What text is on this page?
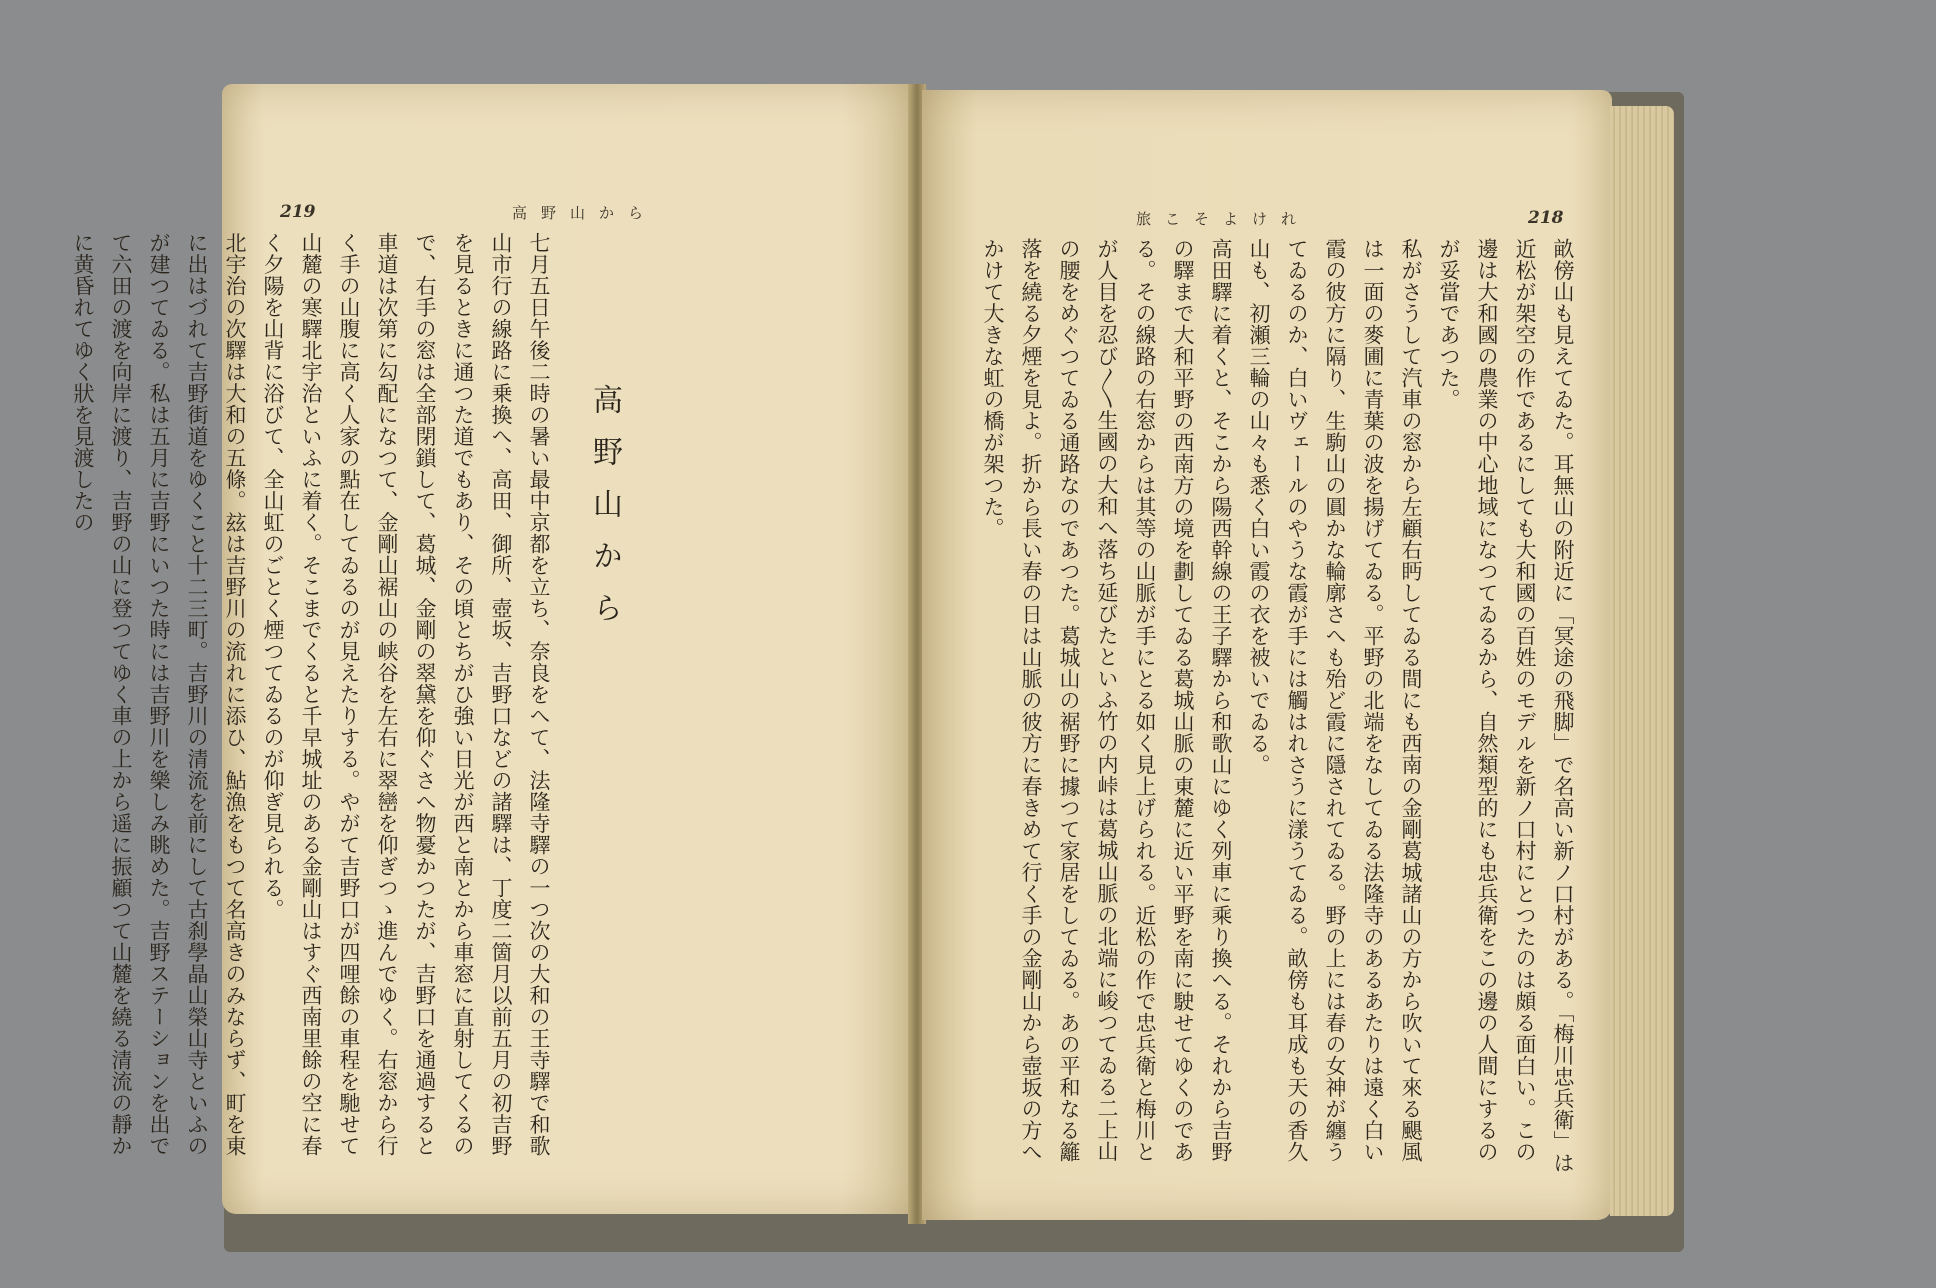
219	高野山から
高野山から

七月五日午後二時の暑い最中京都を立ち、奈良をへて、法隆寺驛の一つ次の大和の王寺驛で和歌山市行の線路に乗換へ、高田、御所、壺坂、吉野口などの諸驛は、丁度二箇月以前五月の初吉野を見るときに通つた道でもあり、その頃とちがひ強い日光が西と南とから車窓に直射してくるので、右手の窓は全部閉鎖して、葛城、金剛の翠黛を仰ぐさへ物憂かつたが、吉野口を通過すると車道は次第に勾配になつて、金剛山裾山の峡谷を左右に翠巒を仰ぎつゝ進んでゆく。右窓から行く手の山腹に高く人家の點在してゐるのが見えたりする。やがて吉野口が四哩餘の車程を馳せて山麓の寒驛北宇治といふに着く。そこまでくると千早城址のある金剛山はすぐ西南里餘の空に春く夕陽を山背に浴びて、全山虹のごとく煙つてゐるのが仰ぎ見られる。

北宇治の次驛は大和の五條。玆は吉野川の流れに添ひ、鮎漁をもつて名高きのみならず、町を東に出はづれて吉野街道をゆくこと十二三町。吉野川の清流を前にして古刹學晶山榮山寺といふのが建つてゐる。私は五月に吉野にいつた時には吉野川を樂しみ眺めた。吉野ステーションを出でて六田の渡を向岸に渡り、吉野の山に登つてゆく車の上から遥に振顧つて山麓を繞る清流の靜かに黄昏れてゆく狀を見渡したの

旅こそよけれ	218

畝傍山も見えてゐた。耳無山の附近に「冥途の飛脚」で名高い新ノ口村がある。「梅川忠兵衛」は近松が架空の作であるにしても大和國の百姓のモデルを新ノ口村にとつたのは頗る面白い。この邊は大和國の農業の中心地域になつてゐるから、自然類型的にも忠兵衛をこの邊の人間にするのが妥當であつた。

私がさうして汽車の窓から左顧右眄してゐる間にも西南の金剛葛城諸山の方から吹いて來る颶風は一面の麥圃に青葉の波を揚げてゐる。平野の北端をなしてゐる法隆寺のあるあたりは遠く白い霞の彼方に隔り、生駒山の圓かな輪廓さへも殆ど霞に隱されてゐる。野の上には春の女神が纏うてゐるのか、白いヴェールのやうな霞が手には觸はれさうに漾うてゐる。畝傍も耳成も天の香久山も、初瀬三輪の山々も悉く白い霞の衣を被いでゐる。

高田驛に着くと、そこから陽西幹線の王子驛から和歌山にゆく列車に乘り換へる。それから吉野の驛まで大和平野の西南方の境を劃してゐる葛城山脈の東麓に近い平野を南に駛せてゆくのである。その線路の右窓からは其等の山脈が手にとる如く見上げられる。近松の作で忠兵衛と梅川とが人目を忍び〱生國の大和へ落ち延びたといふ竹の内峠は葛城山脈の北端に峻つてゐる二上山の腰をめぐつてゐる通路なのであつた。葛城山の裾野に據つて家居をしてゐる。あの平和なる籬落を繞る夕煙を見よ。折から長い春の日は山脈の彼方に春きめて行く手の金剛山から壺坂の方へかけて大きな虹の橋が架つた。
